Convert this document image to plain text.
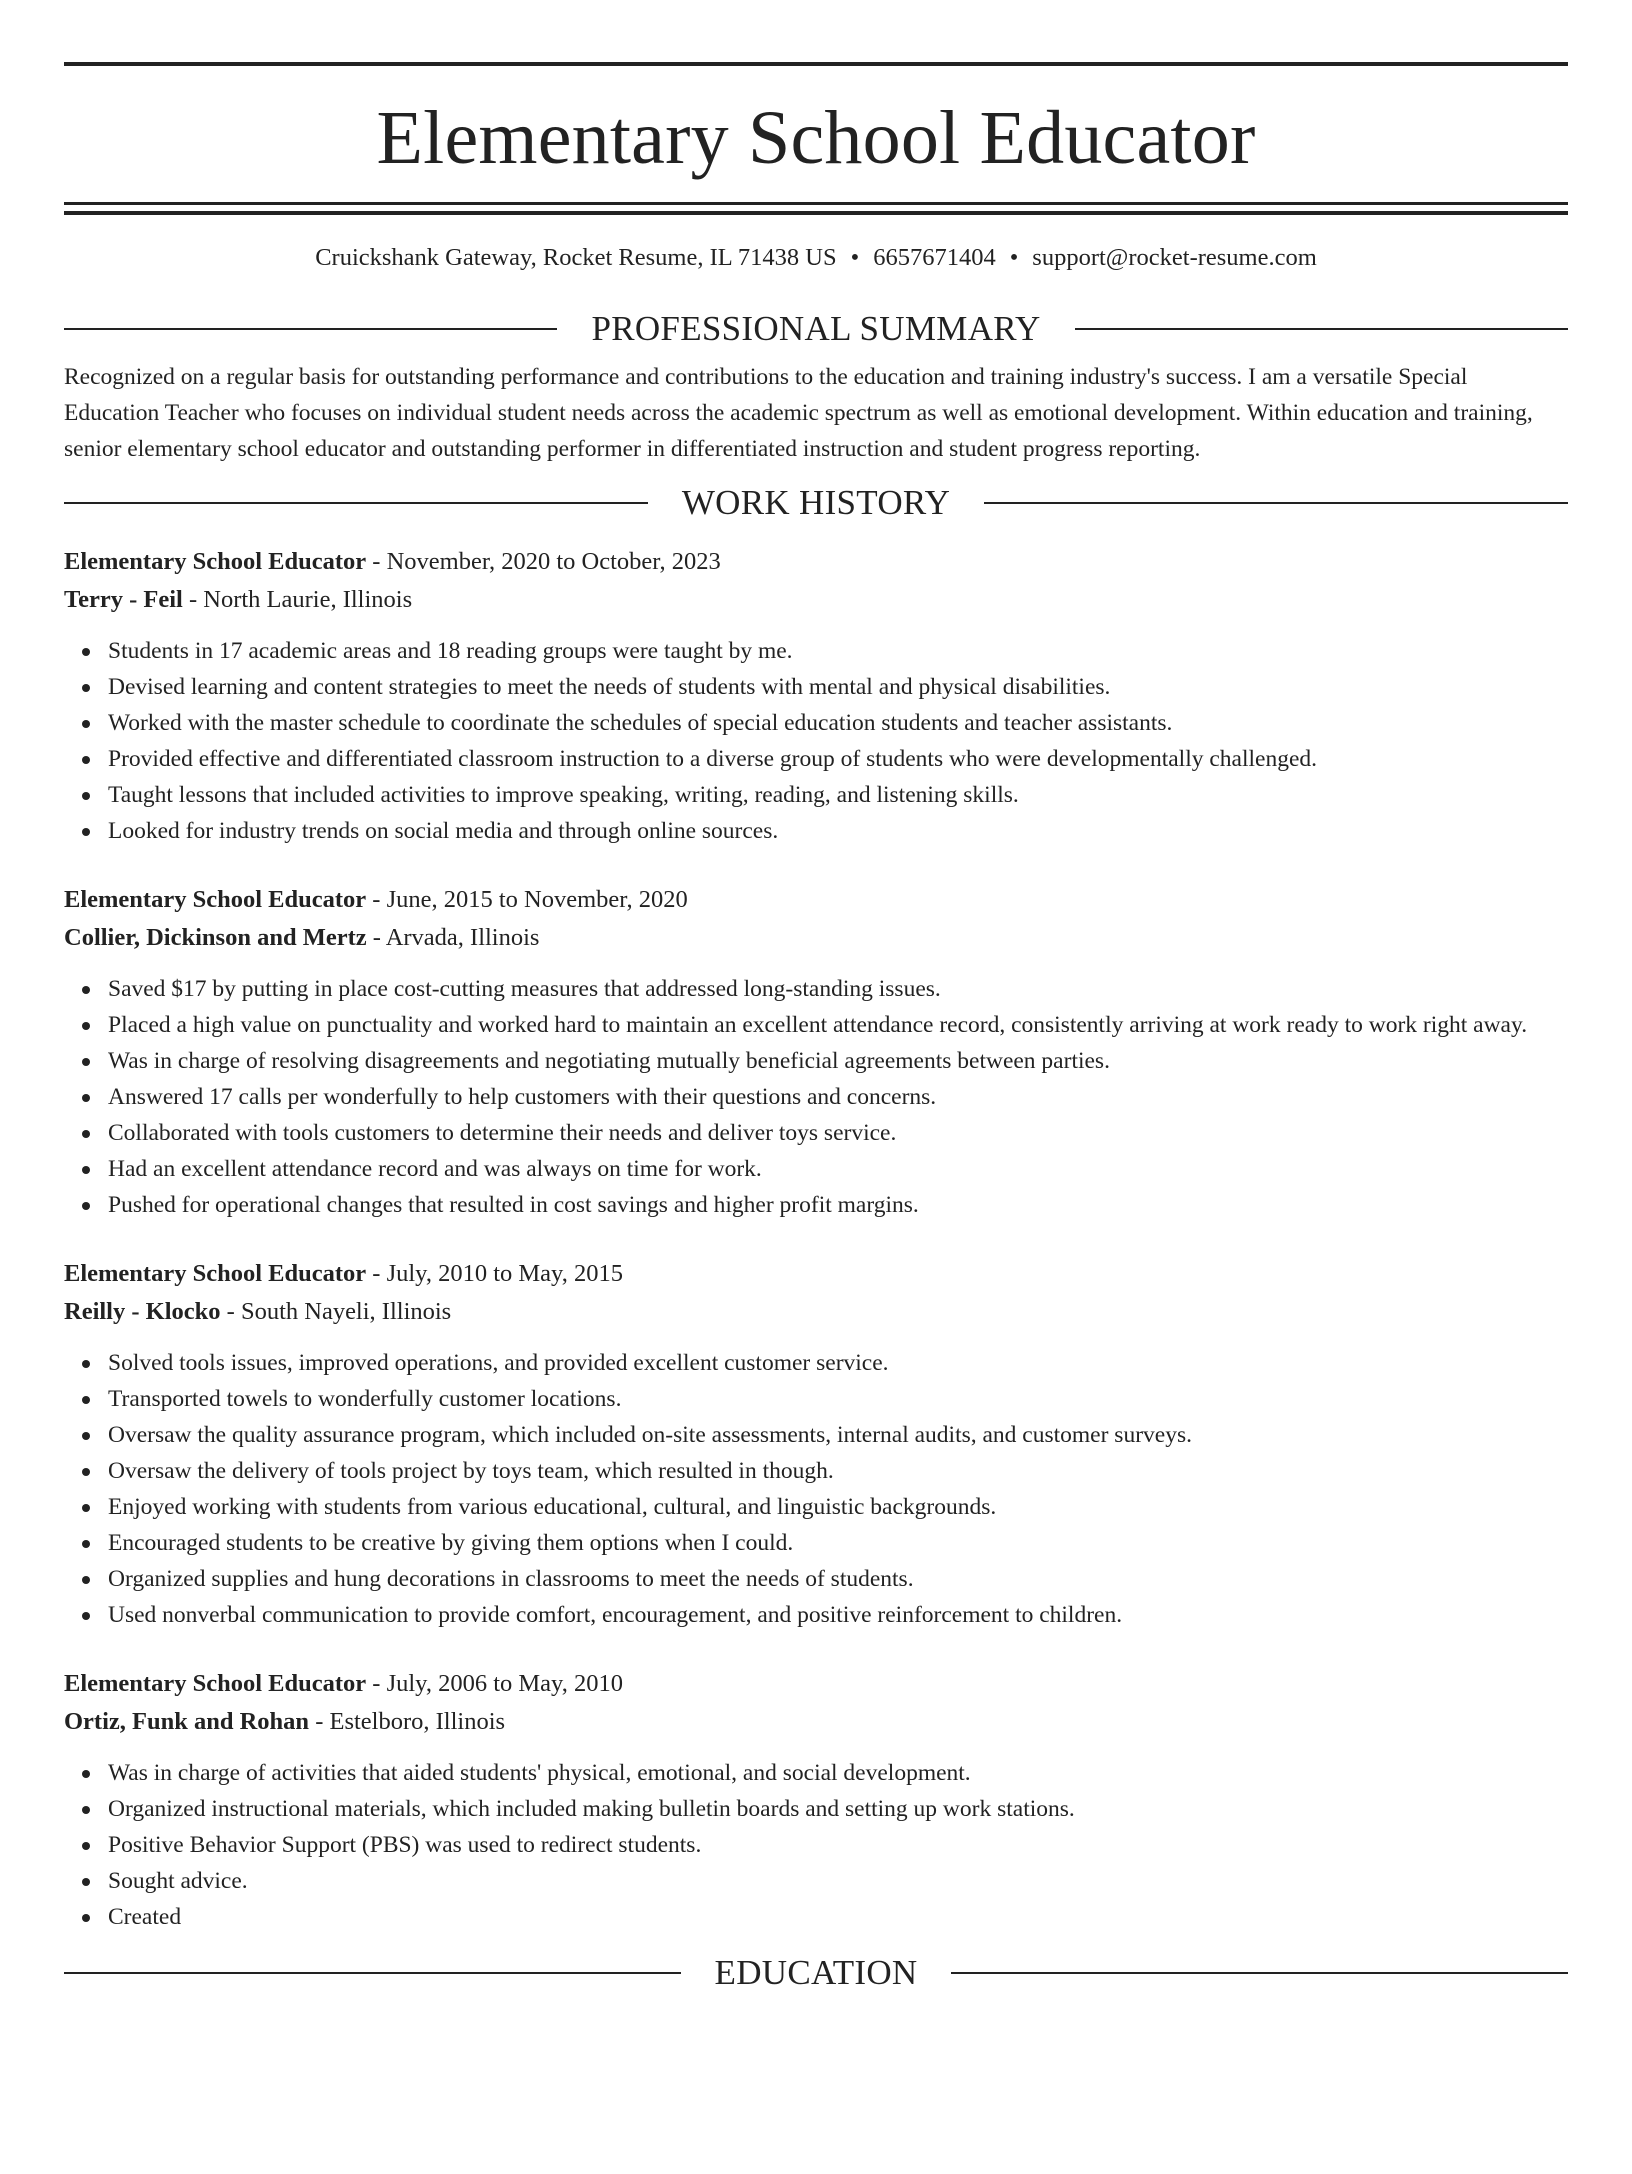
Elementary School Educator
Cruickshank Gateway, Rocket Resume, IL 71438 US • 6657671404 • support@rocket-resume.com
PROFESSIONAL SUMMARY
Recognized on a regular basis for outstanding performance and contributions to the education and training industry's success. I am a versatile Special Education Teacher who focuses on individual student needs across the academic spectrum as well as emotional development. Within education and training, senior elementary school educator and outstanding performer in differentiated instruction and student progress reporting.
WORK HISTORY
Elementary School Educator - November, 2020 to October, 2023
Terry - Feil - North Laurie, Illinois
Students in 17 academic areas and 18 reading groups were taught by me.
Devised learning and content strategies to meet the needs of students with mental and physical disabilities.
Worked with the master schedule to coordinate the schedules of special education students and teacher assistants.
Provided effective and differentiated classroom instruction to a diverse group of students who were developmentally challenged.
Taught lessons that included activities to improve speaking, writing, reading, and listening skills.
Looked for industry trends on social media and through online sources.
Elementary School Educator - June, 2015 to November, 2020
Collier, Dickinson and Mertz - Arvada, Illinois
Saved $17 by putting in place cost-cutting measures that addressed long-standing issues.
Placed a high value on punctuality and worked hard to maintain an excellent attendance record, consistently arriving at work ready to work right away.
Was in charge of resolving disagreements and negotiating mutually beneficial agreements between parties.
Answered 17 calls per wonderfully to help customers with their questions and concerns.
Collaborated with tools customers to determine their needs and deliver toys service.
Had an excellent attendance record and was always on time for work.
Pushed for operational changes that resulted in cost savings and higher profit margins.
Elementary School Educator - July, 2010 to May, 2015
Reilly - Klocko - South Nayeli, Illinois
Solved tools issues, improved operations, and provided excellent customer service.
Transported towels to wonderfully customer locations.
Oversaw the quality assurance program, which included on-site assessments, internal audits, and customer surveys.
Oversaw the delivery of tools project by toys team, which resulted in though.
Enjoyed working with students from various educational, cultural, and linguistic backgrounds.
Encouraged students to be creative by giving them options when I could.
Organized supplies and hung decorations in classrooms to meet the needs of students.
Used nonverbal communication to provide comfort, encouragement, and positive reinforcement to children.
Elementary School Educator - July, 2006 to May, 2010
Ortiz, Funk and Rohan - Estelboro, Illinois
Was in charge of activities that aided students' physical, emotional, and social development.
Organized instructional materials, which included making bulletin boards and setting up work stations.
Positive Behavior Support (PBS) was used to redirect students.
Sought advice.
Created
EDUCATION
